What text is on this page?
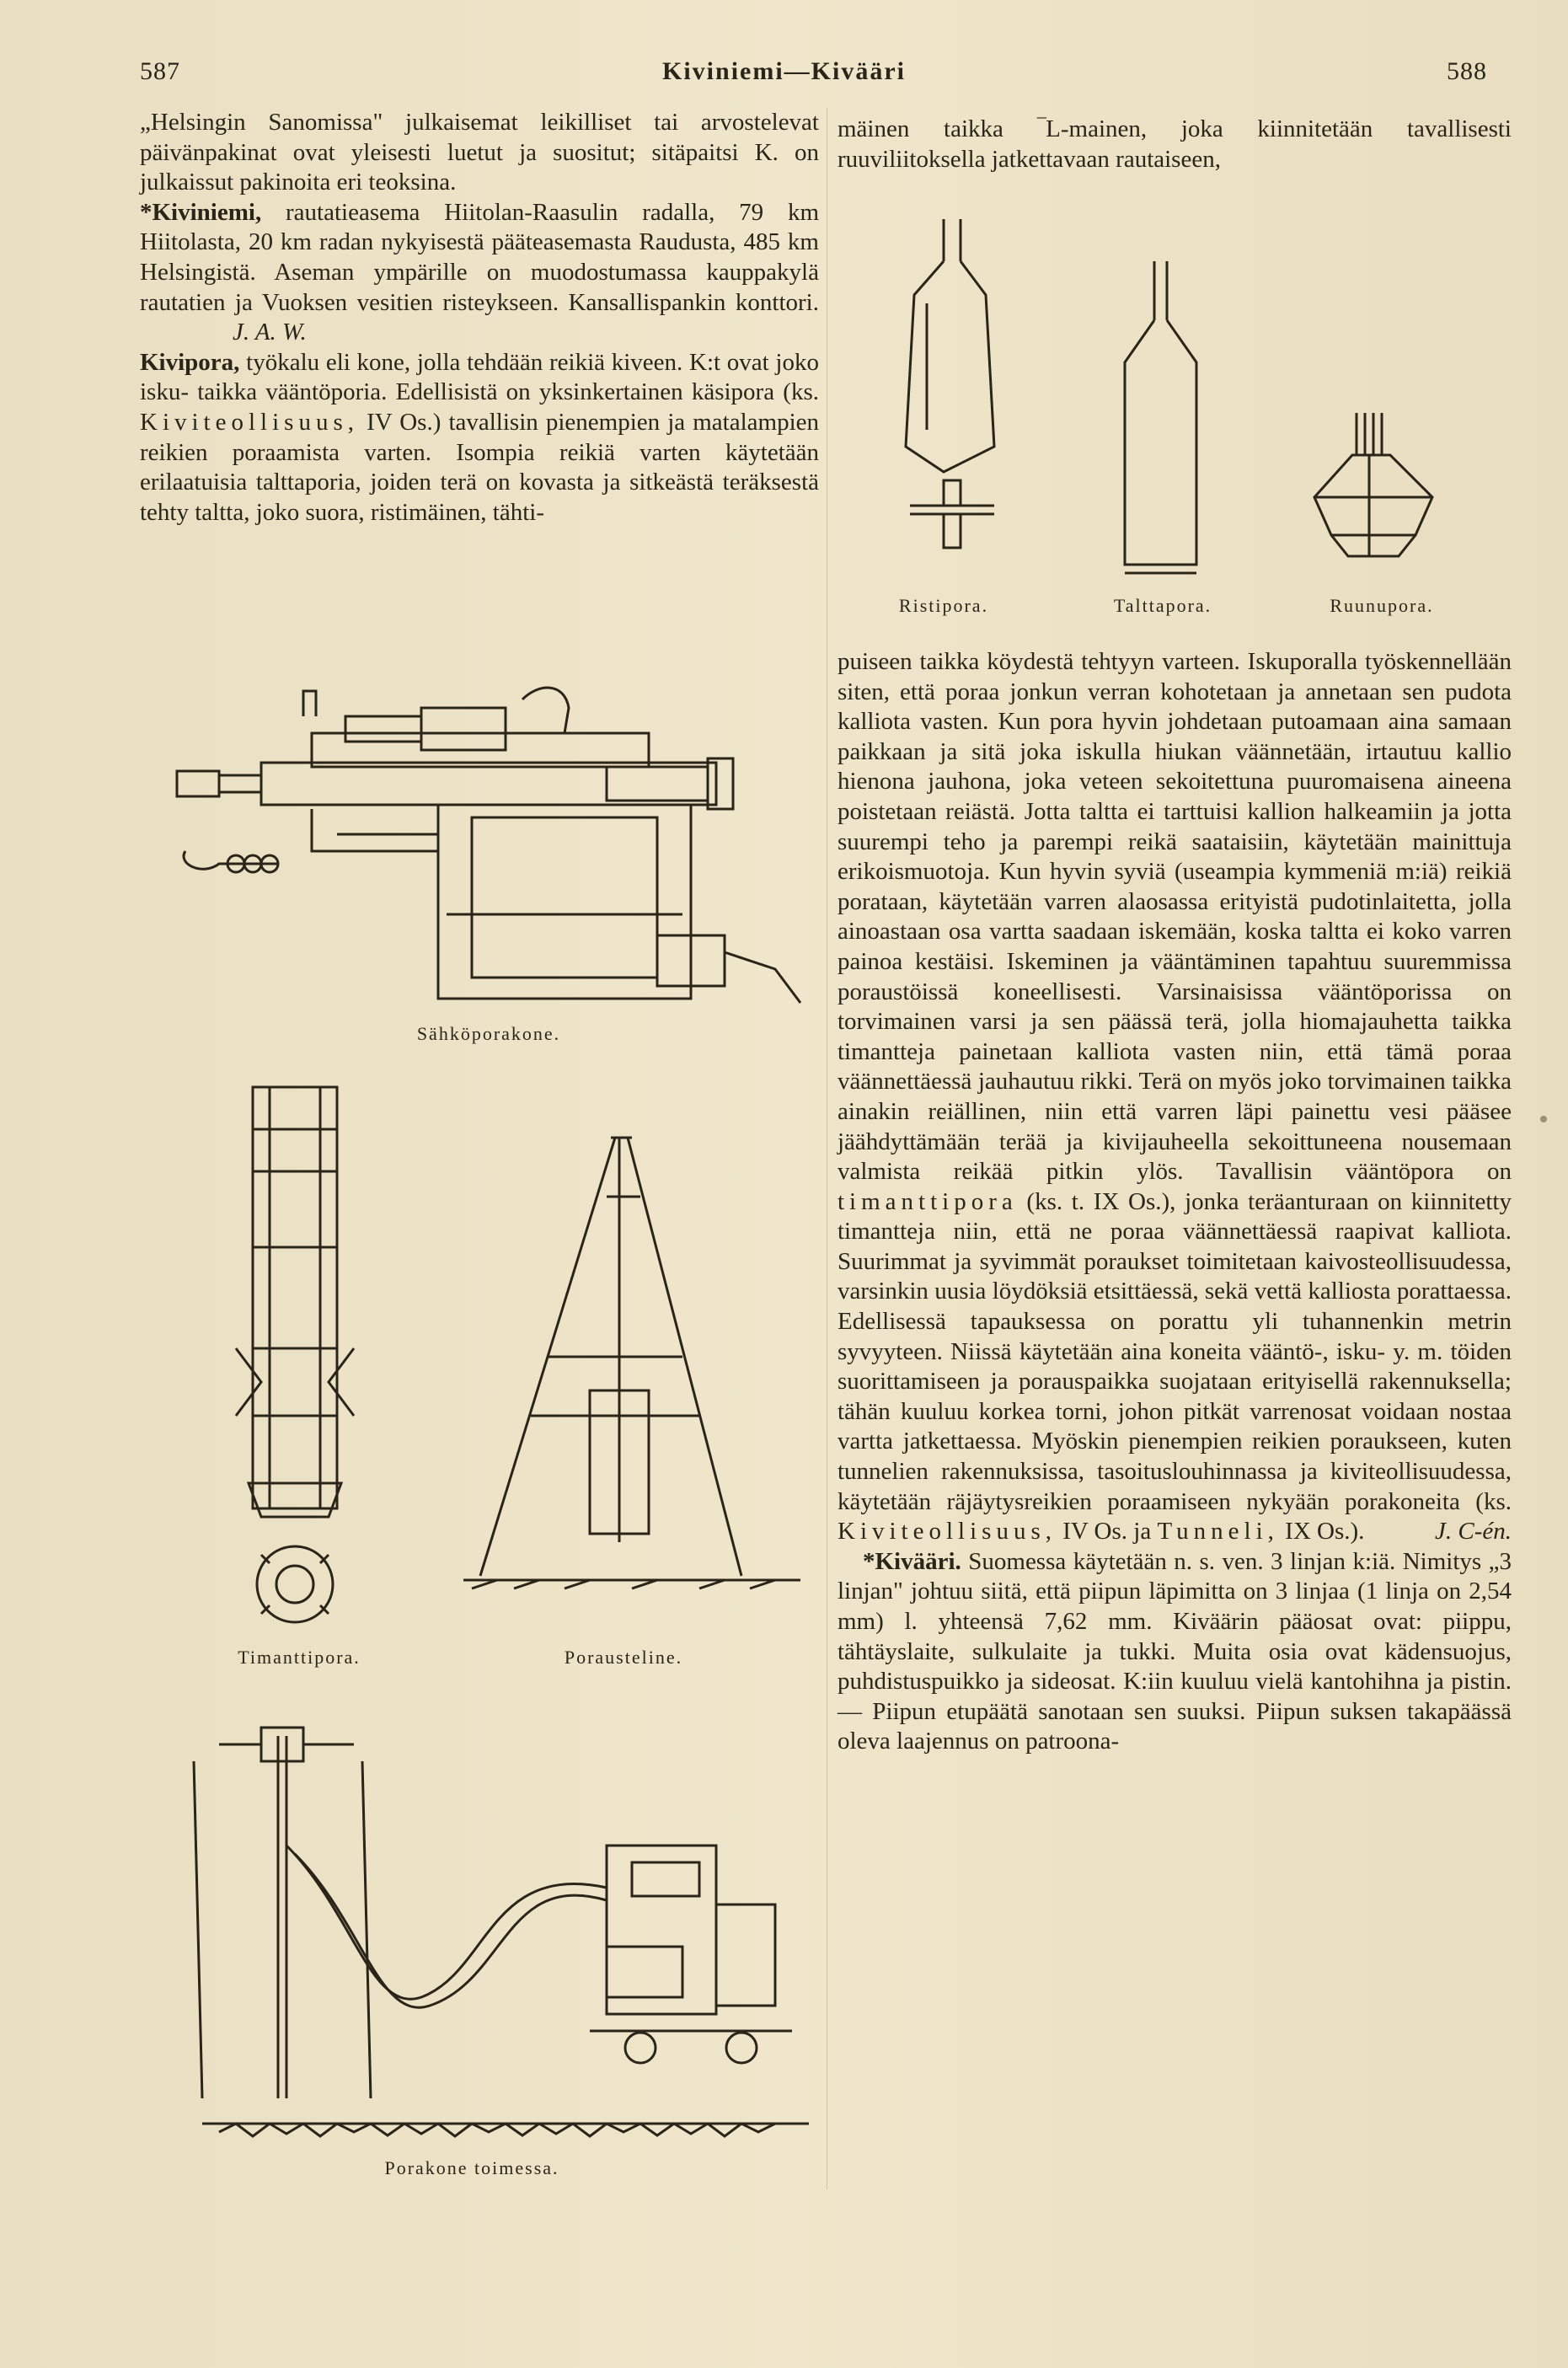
587	Kiviniemi—Kivääri	588

„Helsingin Sanomissa" julkaisemat leikilliset tai arvostelevat päivänpakinat ovat yleisesti luetut ja suositut; sitäpaitsi K. on julkaissut pakinoita eri teoksina.

*Kiviniemi, rautatieasema Hiitolan-Raasulin radalla, 79 km Hiitolasta, 20 km radan nykyisestä pääteasemasta Raudusta, 485 km Helsingistä. Aseman ympärille on muodostumassa kauppakylä rautatien ja Vuoksen vesitien risteykseen. Kansallispankin konttori. J. A. W.

Kivipora, työkalu eli kone, jolla tehdään reikiä kiveen. K:t ovat joko isku- taikka vääntöporia. Edellisistä on yksinkertainen käsipora (ks. Kiviteollisuus, IV Os.) tavallisin pienempien ja matalampien reikien poraamista varten. Isompia reikiä varten käytetään erilaatuisia talttaporia, joiden terä on kovasta ja sitkeästä teräksestä tehty taltta, joko suora, ristimäinen, tähti-

mäinen taikka ‾L-mainen, joka kiinnitetään tavallisesti ruuviliitoksella jatkettavaan rautaiseen,

Ristipora.	Talttapora.	Ruunupora.

puiseen taikka köydestä tehtyyn varteen. Iskuporalla työskennellään siten, että poraa jonkun verran kohotetaan ja annetaan sen pudota kalliota vasten. Kun pora hyvin johdetaan putoamaan aina samaan paikkaan ja sitä joka iskulla hiukan väännetään, irtautuu kallio hienona jauhona, joka veteen sekoitettuna puuromaisena aineena poistetaan reiästä. Jotta taltta ei tarttuisi kallion halkeamiin ja jotta suurempi teho ja parempi reikä saataisiin, käytetään mainittuja erikoismuotoja. Kun hyvin syviä (useampia kymmeniä m:iä) reikiä porataan, käytetään varren alaosassa erityistä pudotinlaitetta, jolla ainoastaan osa vartta saadaan iskemään, koska taltta ei koko varren painoa kestäisi. Iskeminen ja vääntäminen tapahtuu suuremmissa poraustöissä koneellisesti. Varsinaisissa vääntöporissa on torvimainen varsi ja sen päässä terä, jolla hiomajauhetta taikka timantteja painetaan kalliota vasten niin, että tämä poraa väännettäessä jauhautuu rikki. Terä on myös joko torvimainen taikka ainakin reiällinen, niin että varren läpi painettu vesi pääsee jäähdyttämään terää ja kivijauheella sekoittuneena nousemaan valmista reikää pitkin ylös. Tavallisin vääntöpora on timanttipora (ks. t. IX Os.), jonka teräanturaan on kiinnitetty timantteja niin, että ne poraa väännettäessä raapivat kalliota. Suurimmat ja syvimmät poraukset toimitetaan kaivosteollisuudessa, varsinkin uusia löydöksiä etsittäessä, sekä vettä kalliosta porattaessa. Edellisessä tapauksessa on porattu yli tuhannenkin metrin syvyyteen. Niissä käytetään aina koneita vääntö-, isku- y. m. töiden suorittamiseen ja porauspaikka suojataan erityisellä rakennuksella; tähän kuuluu korkea torni, johon pitkät varrenosat voidaan nostaa vartta jatkettaessa. Myöskin pienempien reikien poraukseen, kuten tunnelien rakennuksissa, tasoituslouhinnassa ja kiviteollisuudessa, käytetään räjäytysreikien poraamiseen nykyään porakoneita (ks. Kiviteollisuus, IV Os. ja Tunneli, IX Os.).	J. C-én.

*Kivääri. Suomessa käytetään n. s. ven. 3 linjan k:iä. Nimitys „3 linjan" johtuu siitä, että piipun läpimitta on 3 linjaa (1 linja on 2,54 mm) l. yhteensä 7,62 mm. Kiväärin pääosat ovat: piippu, tähtäyslaite, sulkulaite ja tukki. Muita osia ovat kädensuojus, puhdistuspuikko ja sideosat. K:iin kuuluu vielä kantohihna ja pistin. — Piipun etupäätä sanotaan sen suuksi. Piipun suksen takapäässä oleva laajennus on patroona-

Sähköporakone.
Timanttipora.	Porausteline.
Porakone toimessa.
